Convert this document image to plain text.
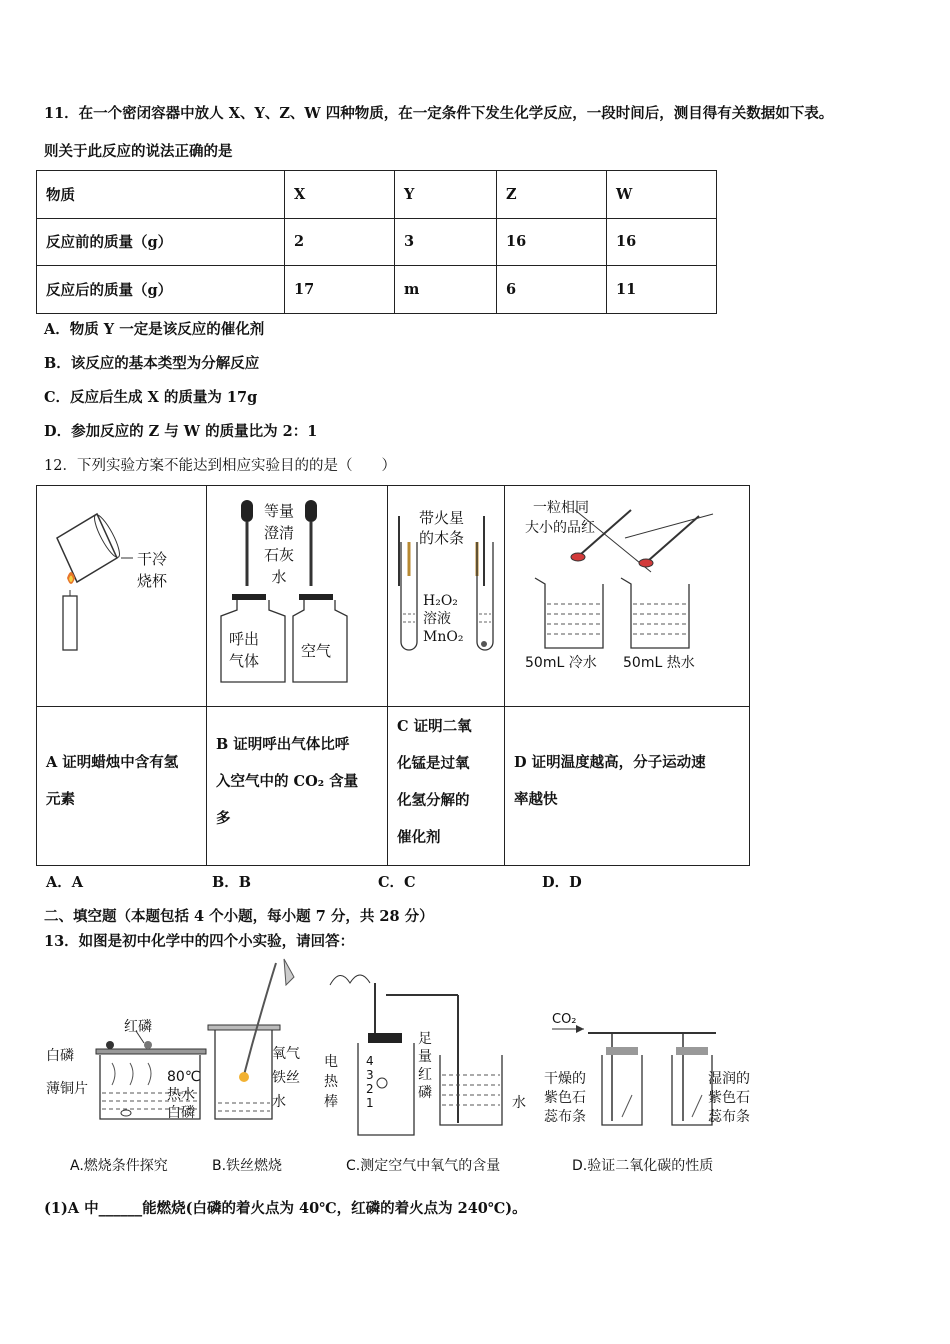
11．在一个密闭容器中放人 X、Y、Z、W 四种物质，在一定条件下发生化学反应，一段时间后，测目得有关数据如下表。
则关于此反应的说法正确的是
物质	X	Y	Z	W
反应前的质量（g）	2	3	16	16
反应后的质量（g）	17	m	6	11
A．物质 Y 一定是该反应的催化剂
B．该反应的基本类型为分解反应
C．反应后生成 X 的质量为 17g
D．参加反应的 Z 与 W 的质量比为 2：1
12．下列实验方案不能达到相应实验目的的是（　　）
干冷
烧杯
等量
澄清
石灰
水
呼出
气体
空气
带火星
的木条
H₂O₂
溶液
MnO₂
一粒相同
大小的品红
50mL 冷水 50mL 热水
A 证明蜡烛中含有氢
元素
B 证明呼出气体比呼
入空气中的 CO₂ 含量
多
C 证明二氧
化锰是过氧
化氢分解的
催化剂
D 证明温度越高，分子运动速
率越快
A．A	B．B	C．C	D．D
二、填空题（本题包括 4 个小题，每小题 7 分，共 28 分）
13．如图是初中化学中的四个小实验，请回答：
红磷
白磷
薄铜片
80℃
热水
白磷
氧气
铁丝
水
电
热
棒
4
3
2
1
足
量
红
磷
水
CO₂
干燥的
紫色石
蕊布条
湿润的
紫色石
蕊布条
A.燃烧条件探究	B.铁丝燃烧	C.测定空气中氧气的含量	D.验证二氧化碳的性质
(1)A 中______能燃烧(白磷的着火点为 40℃，红磷的着火点为 240℃)。
